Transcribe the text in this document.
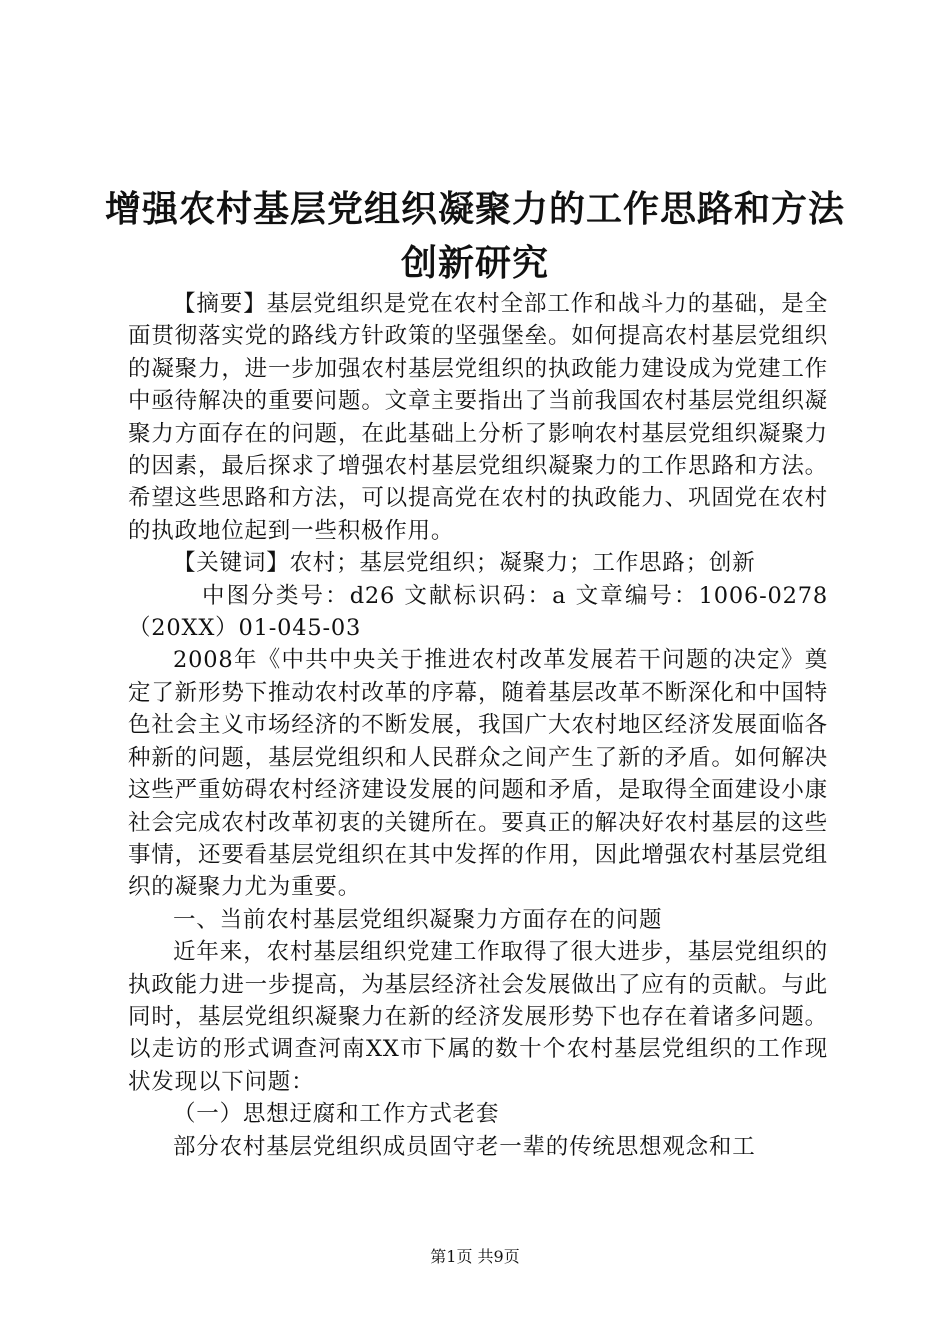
增强农村基层党组织凝聚力的工作思路和方法
创新研究

【摘要】基层党组织是党在农村全部工作和战斗力的基础，是全面贯彻落实党的路线方针政策的坚强堡垒。如何提高农村基层党组织的凝聚力，进一步加强农村基层党组织的执政能力建设成为党建工作中亟待解决的重要问题。文章主要指出了当前我国农村基层党组织凝聚力方面存在的问题，在此基础上分析了影响农村基层党组织凝聚力的因素，最后探求了增强农村基层党组织凝聚力的工作思路和方法。希望这些思路和方法，可以提高党在农村的执政能力、巩固党在农村的执政地位起到一些积极作用。

【关键词】农村；基层党组织；凝聚力；工作思路；创新

中图分类号：d26 文献标识码：a 文章编号：1006-0278（20XX）01-045-03

2008年《中共中央关于推进农村改革发展若干问题的决定》奠定了新形势下推动农村改革的序幕，随着基层改革不断深化和中国特色社会主义市场经济的不断发展，我国广大农村地区经济发展面临各种新的问题，基层党组织和人民群众之间产生了新的矛盾。如何解决这些严重妨碍农村经济建设发展的问题和矛盾，是取得全面建设小康社会完成农村改革初衷的关键所在。要真正的解决好农村基层的这些事情，还要看基层党组织在其中发挥的作用，因此增强农村基层党组织的凝聚力尤为重要。

一、当前农村基层党组织凝聚力方面存在的问题

近年来，农村基层组织党建工作取得了很大进步，基层党组织的执政能力进一步提高，为基层经济社会发展做出了应有的贡献。与此同时，基层党组织凝聚力在新的经济发展形势下也存在着诸多问题。以走访的形式调查河南XX市下属的数十个农村基层党组织的工作现状发现以下问题：

（一）思想迂腐和工作方式老套

部分农村基层党组织成员固守老一辈的传统思想观念和工

第1页 共9页
